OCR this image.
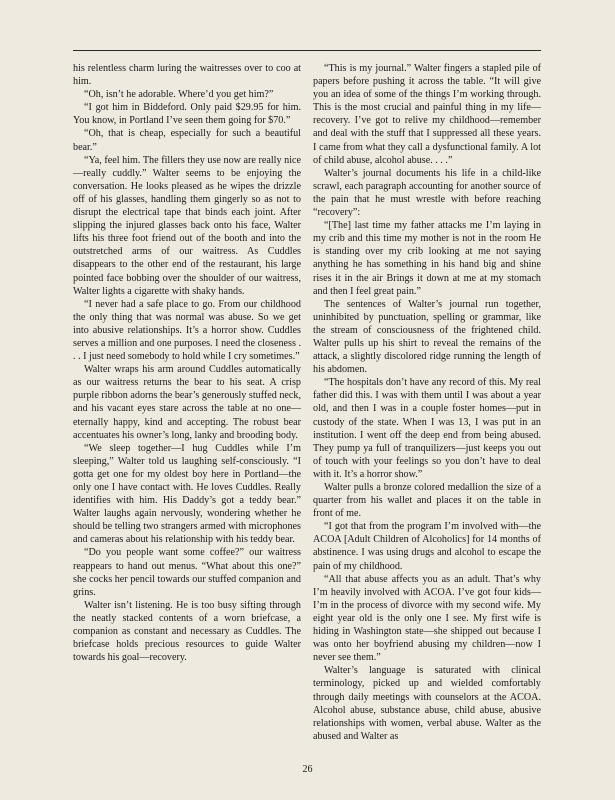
his relentless charm luring the waitresses over to coo at him.

“Oh, isn’t he adorable. Where’d you get him?”

“I got him in Biddeford. Only paid $29.95 for him. You know, in Portland I’ve seen them going for $70.”

“Oh, that is cheap, especially for such a beautiful bear.”

“Ya, feel him. The fillers they use now are really nice—really cuddly.” Walter seems to be enjoying the conversation. He looks pleased as he wipes the drizzle off of his glasses, handling them gingerly so as not to disrupt the electrical tape that binds each joint. After slipping the injured glasses back onto his face, Walter lifts his three foot friend out of the booth and into the outstretched arms of our waitress. As Cuddles disappears to the other end of the restaurant, his large pointed face bobbing over the shoulder of our waitress, Walter lights a cigarette with shaky hands.

“I never had a safe place to go. From our childhood the only thing that was normal was abuse. So we get into abusive relationships. It’s a horror show. Cuddles serves a million and one purposes. I need the closeness . . . I just need somebody to hold while I cry sometimes.”

Walter wraps his arm around Cuddles automatically as our waitress returns the bear to his seat. A crisp purple ribbon adorns the bear’s generously stuffed neck, and his vacant eyes stare across the table at no one—eternally happy, kind and accepting. The robust bear accentuates his owner’s long, lanky and brooding body.

“We sleep together—I hug Cuddles while I’m sleeping,” Walter told us laughing self-consciously. “I gotta get one for my oldest boy here in Portland—the only one I have contact with. He loves Cuddles. Really identifies with him. His Daddy’s got a teddy bear.” Walter laughs again nervously, wondering whether he should be telling two strangers armed with microphones and cameras about his relationship with his teddy bear.

“Do you people want some coffee?” our waitress reappears to hand out menus. “What about this one?” she cocks her pencil towards our stuffed companion and grins.

Walter isn’t listening. He is too busy sifting through the neatly stacked contents of a worn briefcase, a companion as constant and necessary as Cuddles. The briefcase holds precious resources to guide Walter towards his goal—recovery.

“This is my journal.” Walter fingers a stapled pile of papers before pushing it across the table. “It will give you an idea of some of the things I’m working through. This is the most crucial and painful thing in my life—recovery. I’ve got to relive my childhood—remember and deal with the stuff that I suppressed all these years. I came from what they call a dysfunctional family. A lot of child abuse, alcohol abuse. . . .”

Walter’s journal documents his life in a child-like scrawl, each paragraph accounting for another source of the pain that he must wrestle with before reaching “recovery”:

“[The] last time my father attacks me I’m laying in my crib and this time my mother is not in the room He is standing over my crib looking at me not saying anything he has something in his hand big and shine rises it in the air Brings it down at me at my stomach and then I feel great pain.”

The sentences of Walter’s journal run together, uninhibited by punctuation, spelling or grammar, like the stream of consciousness of the frightened child. Walter pulls up his shirt to reveal the remains of the attack, a slightly discolored ridge running the length of his abdomen.

“The hospitals don’t have any record of this. My real father did this. I was with them until I was about a year old, and then I was in a couple foster homes—put in custody of the state. When I was 13, I was put in an institution. I went off the deep end from being abused. They pump ya full of tranquilizers—just keeps you out of touch with your feelings so you don’t have to deal with it. It’s a horror show.”

Walter pulls a bronze colored medallion the size of a quarter from his wallet and places it on the table in front of me.

“I got that from the program I’m involved with—the ACOA [Adult Children of Alcoholics] for 14 months of abstinence. I was using drugs and alcohol to escape the pain of my childhood.

“All that abuse affects you as an adult. That’s why I’m heavily involved with ACOA. I’ve got four kids—I’m in the process of divorce with my second wife. My eight year old is the only one I see. My first wife is hiding in Washington state—she shipped out because I was onto her boyfriend abusing my children—now I never see them.”

Walter’s language is saturated with clinical terminology, picked up and wielded comfortably through daily meetings with counselors at the ACOA. Alcohol abuse, substance abuse, child abuse, abusive relationships with women, verbal abuse. Walter as the abused and Walter as

26
